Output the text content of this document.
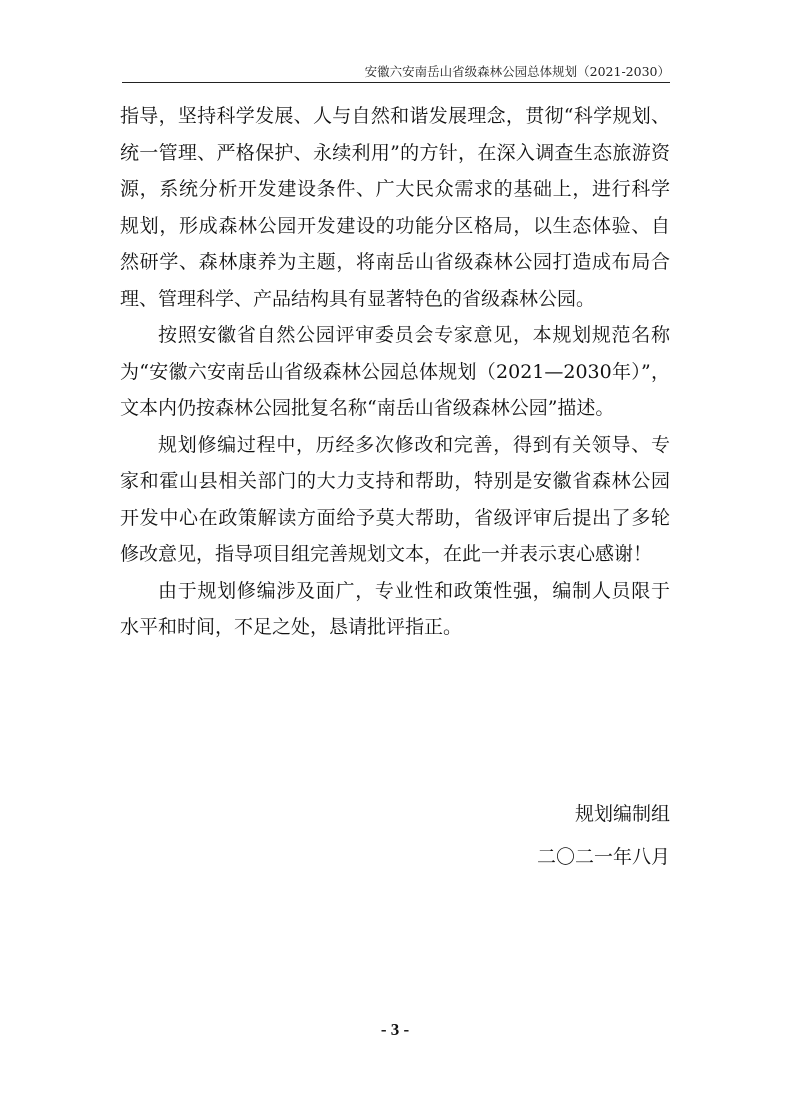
安徽六安南岳山省级森林公园总体规划（2021-2030）

指导，坚持科学发展、人与自然和谐发展理念，贯彻“科学规划、统一管理、严格保护、永续利用”的方针，在深入调查生态旅游资源，系统分析开发建设条件、广大民众需求的基础上，进行科学规划，形成森林公园开发建设的功能分区格局，以生态体验、自然研学、森林康养为主题，将南岳山省级森林公园打造成布局合理、管理科学、产品结构具有显著特色的省级森林公园。

按照安徽省自然公园评审委员会专家意见，本规划规范名称为“安徽六安南岳山省级森林公园总体规划（2021—2030年）”，文本内仍按森林公园批复名称“南岳山省级森林公园”描述。

规划修编过程中，历经多次修改和完善，得到有关领导、专家和霍山县相关部门的大力支持和帮助，特别是安徽省森林公园开发中心在政策解读方面给予莫大帮助，省级评审后提出了多轮修改意见，指导项目组完善规划文本，在此一并表示衷心感谢！

由于规划修编涉及面广，专业性和政策性强，编制人员限于水平和时间，不足之处，恳请批评指正。

规划编制组
二〇二一年八月
- 3 -
